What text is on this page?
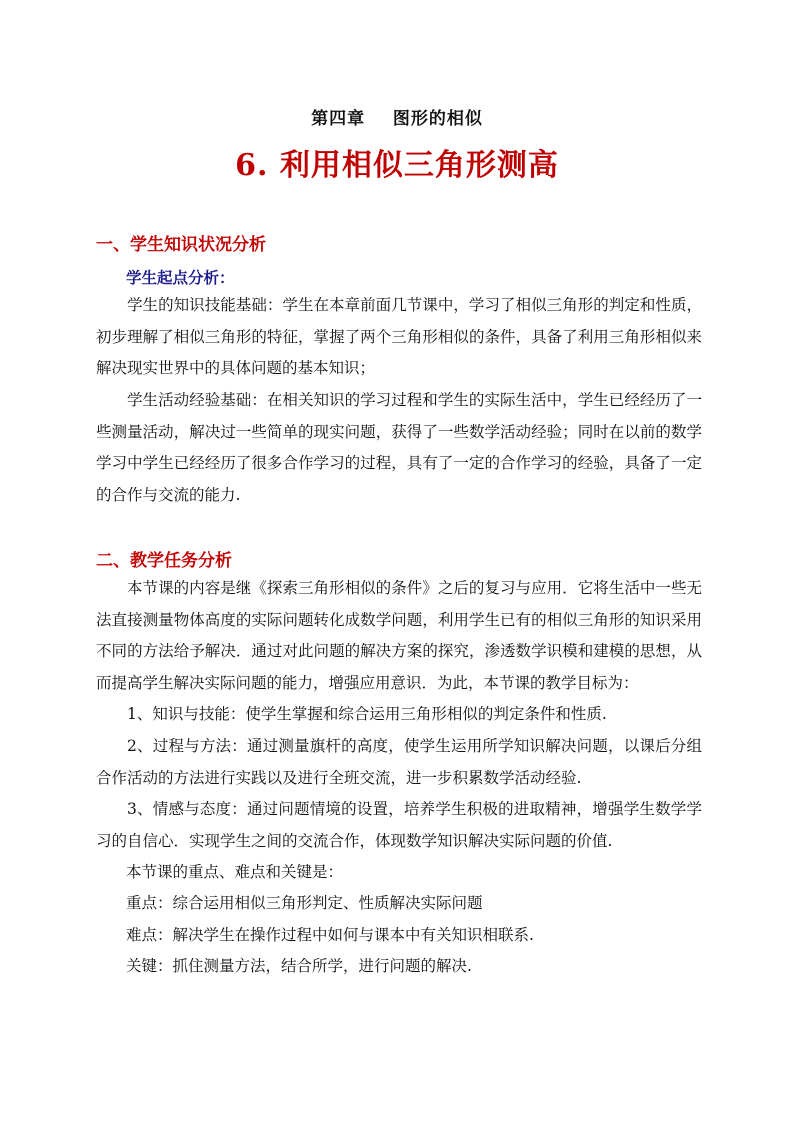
第四章    图形的相似
6. 利用相似三角形测高
一、学生知识状况分析
学生起点分析：
学生的知识技能基础：学生在本章前面几节课中，学习了相似三角形的判定和性质，初步理解了相似三角形的特征，掌握了两个三角形相似的条件，具备了利用三角形相似来解决现实世界中的具体问题的基本知识；
学生活动经验基础：在相关知识的学习过程和学生的实际生活中，学生已经经历了一些测量活动，解决过一些简单的现实问题，获得了一些数学活动经验；同时在以前的数学学习中学生已经经历了很多合作学习的过程，具有了一定的合作学习的经验，具备了一定的合作与交流的能力.
二、教学任务分析
本节课的内容是继《探索三角形相似的条件》之后的复习与应用．它将生活中一些无法直接测量物体高度的实际问题转化成数学问题，利用学生已有的相似三角形的知识采用不同的方法给予解决．通过对此问题的解决方案的探究，渗透数学识模和建模的思想，从而提高学生解决实际问题的能力，增强应用意识．为此，本节课的教学目标为：
1、知识与技能：使学生掌握和综合运用三角形相似的判定条件和性质.
2、过程与方法：通过测量旗杆的高度，使学生运用所学知识解决问题，以课后分组合作活动的方法进行实践以及进行全班交流，进一步积累数学活动经验.
3、情感与态度：通过问题情境的设置，培养学生积极的进取精神，增强学生数学学习的自信心．实现学生之间的交流合作，体现数学知识解决实际问题的价值.
本节课的重点、难点和关键是：
重点：综合运用相似三角形判定、性质解决实际问题
难点：解决学生在操作过程中如何与课本中有关知识相联系.
关键：抓住测量方法，结合所学，进行问题的解决.
